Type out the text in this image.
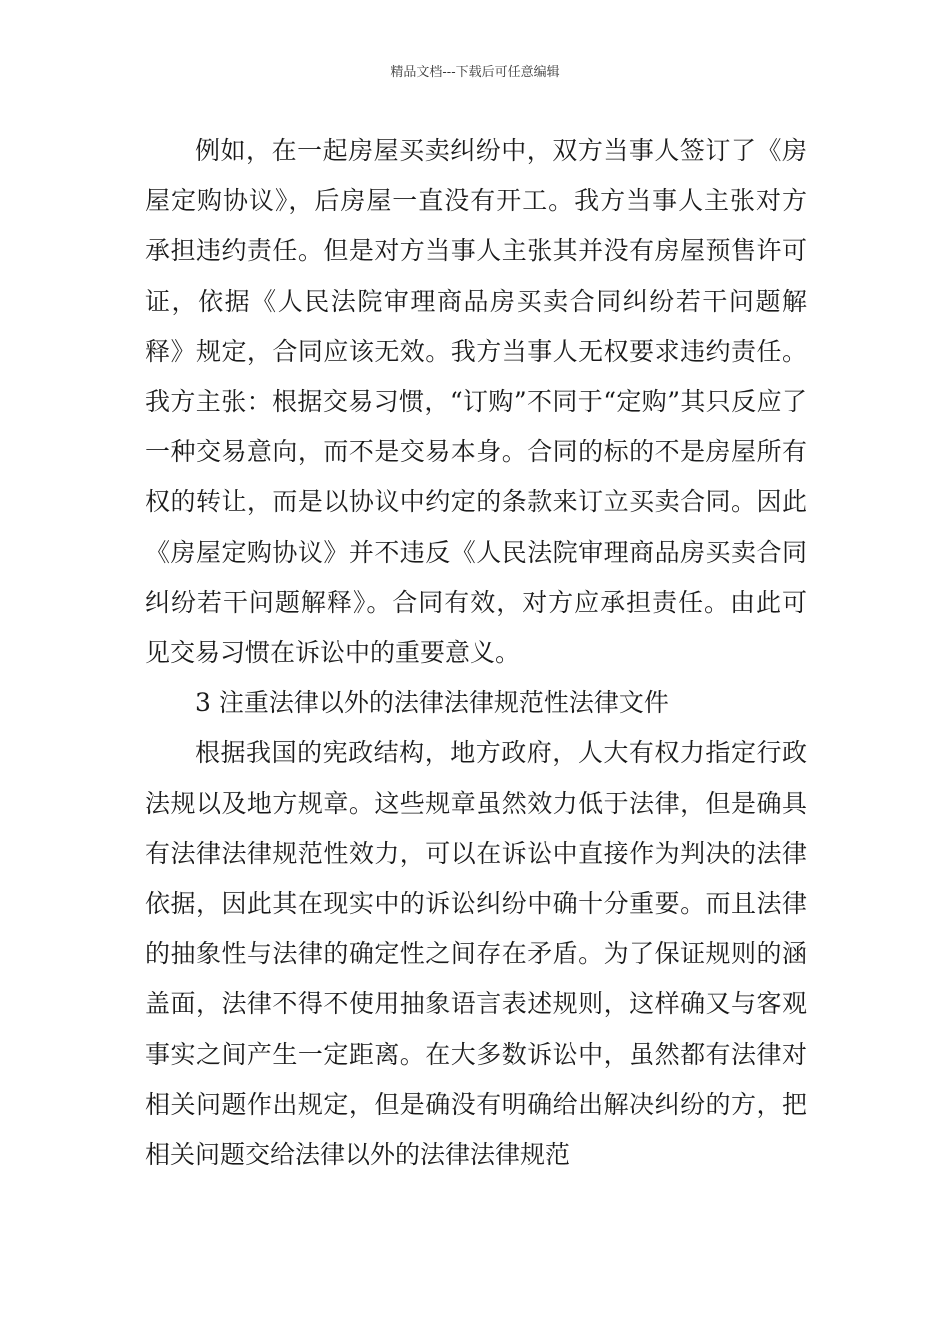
精品文档---下载后可任意编辑

例如，在一起房屋买卖纠纷中，双方当事人签订了《房屋定购协议》，后房屋一直没有开工。我方当事人主张对方承担违约责任。但是对方当事人主张其并没有房屋预售许可证，依据《人民法院审理商品房买卖合同纠纷若干问题解释》规定，合同应该无效。我方当事人无权要求违约责任。我方主张：根据交易习惯，“订购”不同于“定购”其只反应了一种交易意向，而不是交易本身。合同的标的不是房屋所有权的转让，而是以协议中约定的条款来订立买卖合同。因此《房屋定购协议》并不违反《人民法院审理商品房买卖合同纠纷若干问题解释》。合同有效，对方应承担责任。由此可见交易习惯在诉讼中的重要意义。

3 注重法律以外的法律法律规范性法律文件

根据我国的宪政结构，地方政府，人大有权力指定行政法规以及地方规章。这些规章虽然效力低于法律，但是确具有法律法律规范性效力，可以在诉讼中直接作为判决的法律依据，因此其在现实中的诉讼纠纷中确十分重要。而且法律的抽象性与法律的确定性之间存在矛盾。为了保证规则的涵盖面，法律不得不使用抽象语言表述规则，这样确又与客观事实之间产生一定距离。在大多数诉讼中，虽然都有法律对相关问题作出规定，但是确没有明确给出解决纠纷的方，把相关问题交给法律以外的法律法律规范
